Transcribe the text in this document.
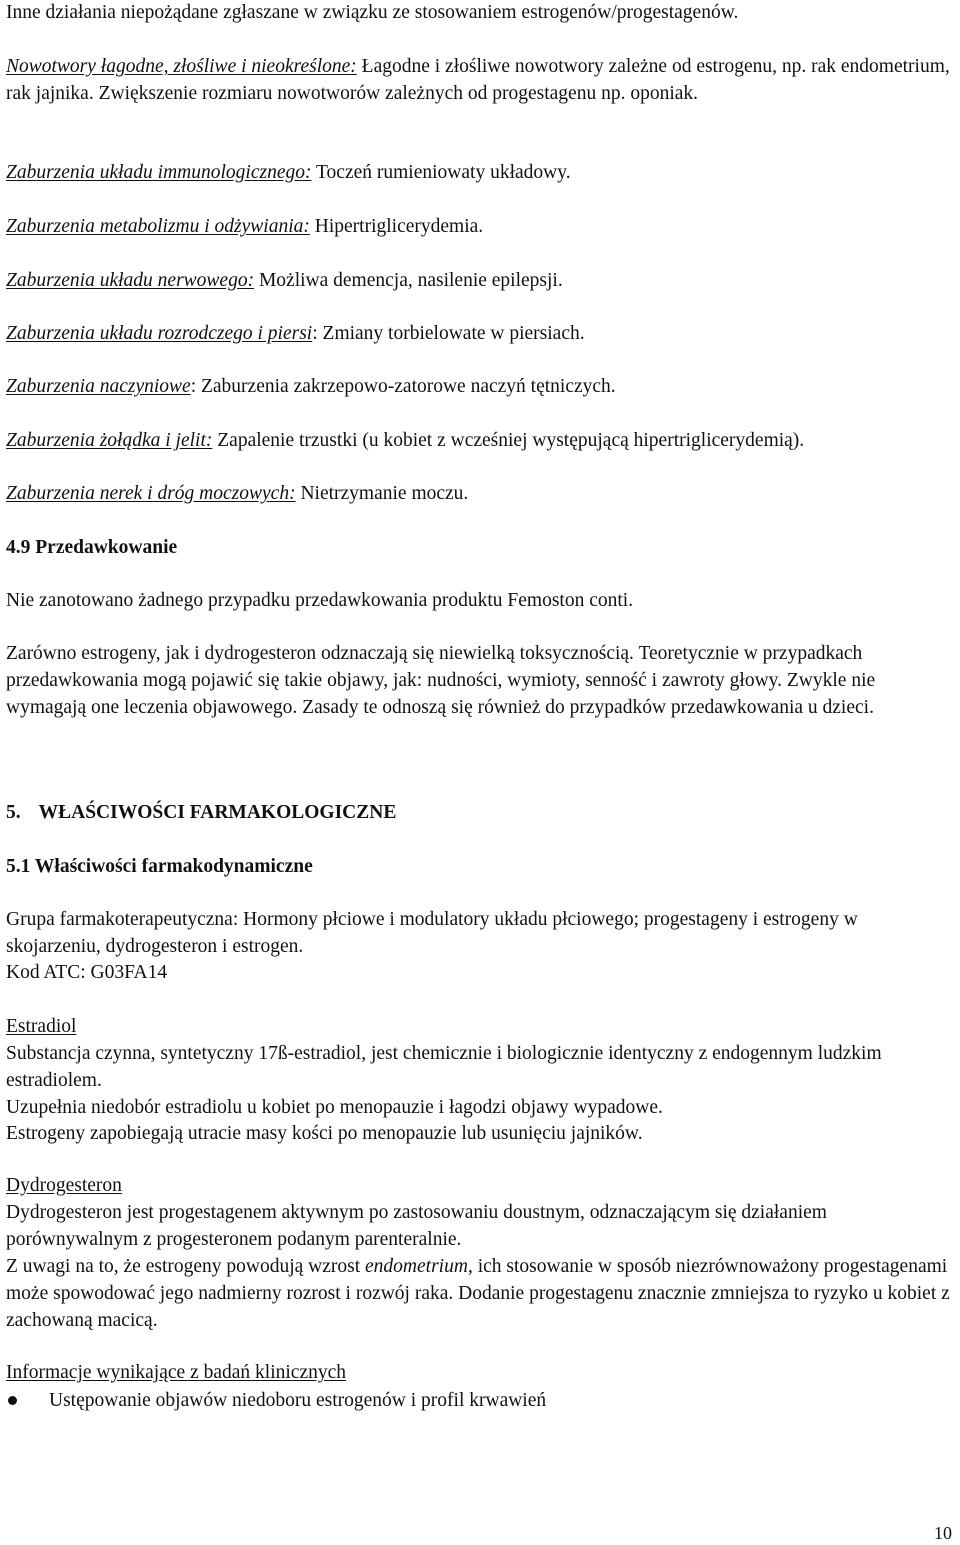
Inne działania niepożądane zgłaszane w związku ze stosowaniem estrogenów/progestagenów.

Nowotwory łagodne, złośliwe i nieokreślone: Łagodne i złośliwe nowotwory zależne od estrogenu, np. rak endometrium, rak jajnika. Zwiększenie rozmiaru nowotworów zależnych od progestagenu np. oponiak.

Zaburzenia układu immunologicznego: Toczeń rumieniowaty układowy.

Zaburzenia metabolizmu i odżywiania: Hipertriglicerydemia.

Zaburzenia układu nerwowego: Możliwa demencja, nasilenie epilepsji.

Zaburzenia układu rozrodczego i piersi: Zmiany torbielowate w piersiach.

Zaburzenia naczyniowe: Zaburzenia zakrzepowo-zatorowe naczyń tętniczych.

Zaburzenia żołądka i jelit: Zapalenie trzustki (u kobiet z wcześniej występującą hipertriglicerydemią).

Zaburzenia nerek i dróg moczowych: Nietrzymanie moczu.

4.9 Przedawkowanie

Nie zanotowano żadnego przypadku przedawkowania produktu Femoston conti.

Zarówno estrogeny, jak i dydrogesteron odznaczają się niewielką toksycznością. Teoretycznie w przypadkach przedawkowania mogą pojawić się takie objawy, jak: nudności, wymioty, senność i zawroty głowy. Zwykle nie wymagają one leczenia objawowego. Zasady te odnoszą się również do przypadków przedawkowania u dzieci.

5. WŁAŚCIWOŚCI FARMAKOLOGICZNE
5.1 Właściwości farmakodynamiczne

Grupa farmakoterapeutyczna: Hormony płciowe i modulatory układu płciowego; progestageny i estrogeny w skojarzeniu, dydrogesteron i estrogen.

Kod ATC: G03FA14

Estradiol

Substancja czynna, syntetyczny 17ß-estradiol, jest chemicznie i biologicznie identyczny z endogennym ludzkim estradiolem.

Uzupełnia niedobór estradiolu u kobiet po menopauzie i łagodzi objawy wypadowe.

Estrogeny zapobiegają utracie masy kości po menopauzie lub usunięciu jajników.

Dydrogesteron

Dydrogesteron jest progestagenem aktywnym po zastosowaniu doustnym, odznaczającym się działaniem porównywalnym z progesteronem podanym parenteralnie.

Z uwagi na to, że estrogeny powodują wzrost endometrium, ich stosowanie w sposób niezrównoważony progestagenami może spowodować jego nadmierny rozrost i rozwój raka. Dodanie progestagenu znacznie zmniejsza to ryzyko u kobiet z zachowaną macicą.

Informacje wynikające z badań klinicznych

Ustępowanie objawów niedoboru estrogenów i profil krwawień
10
